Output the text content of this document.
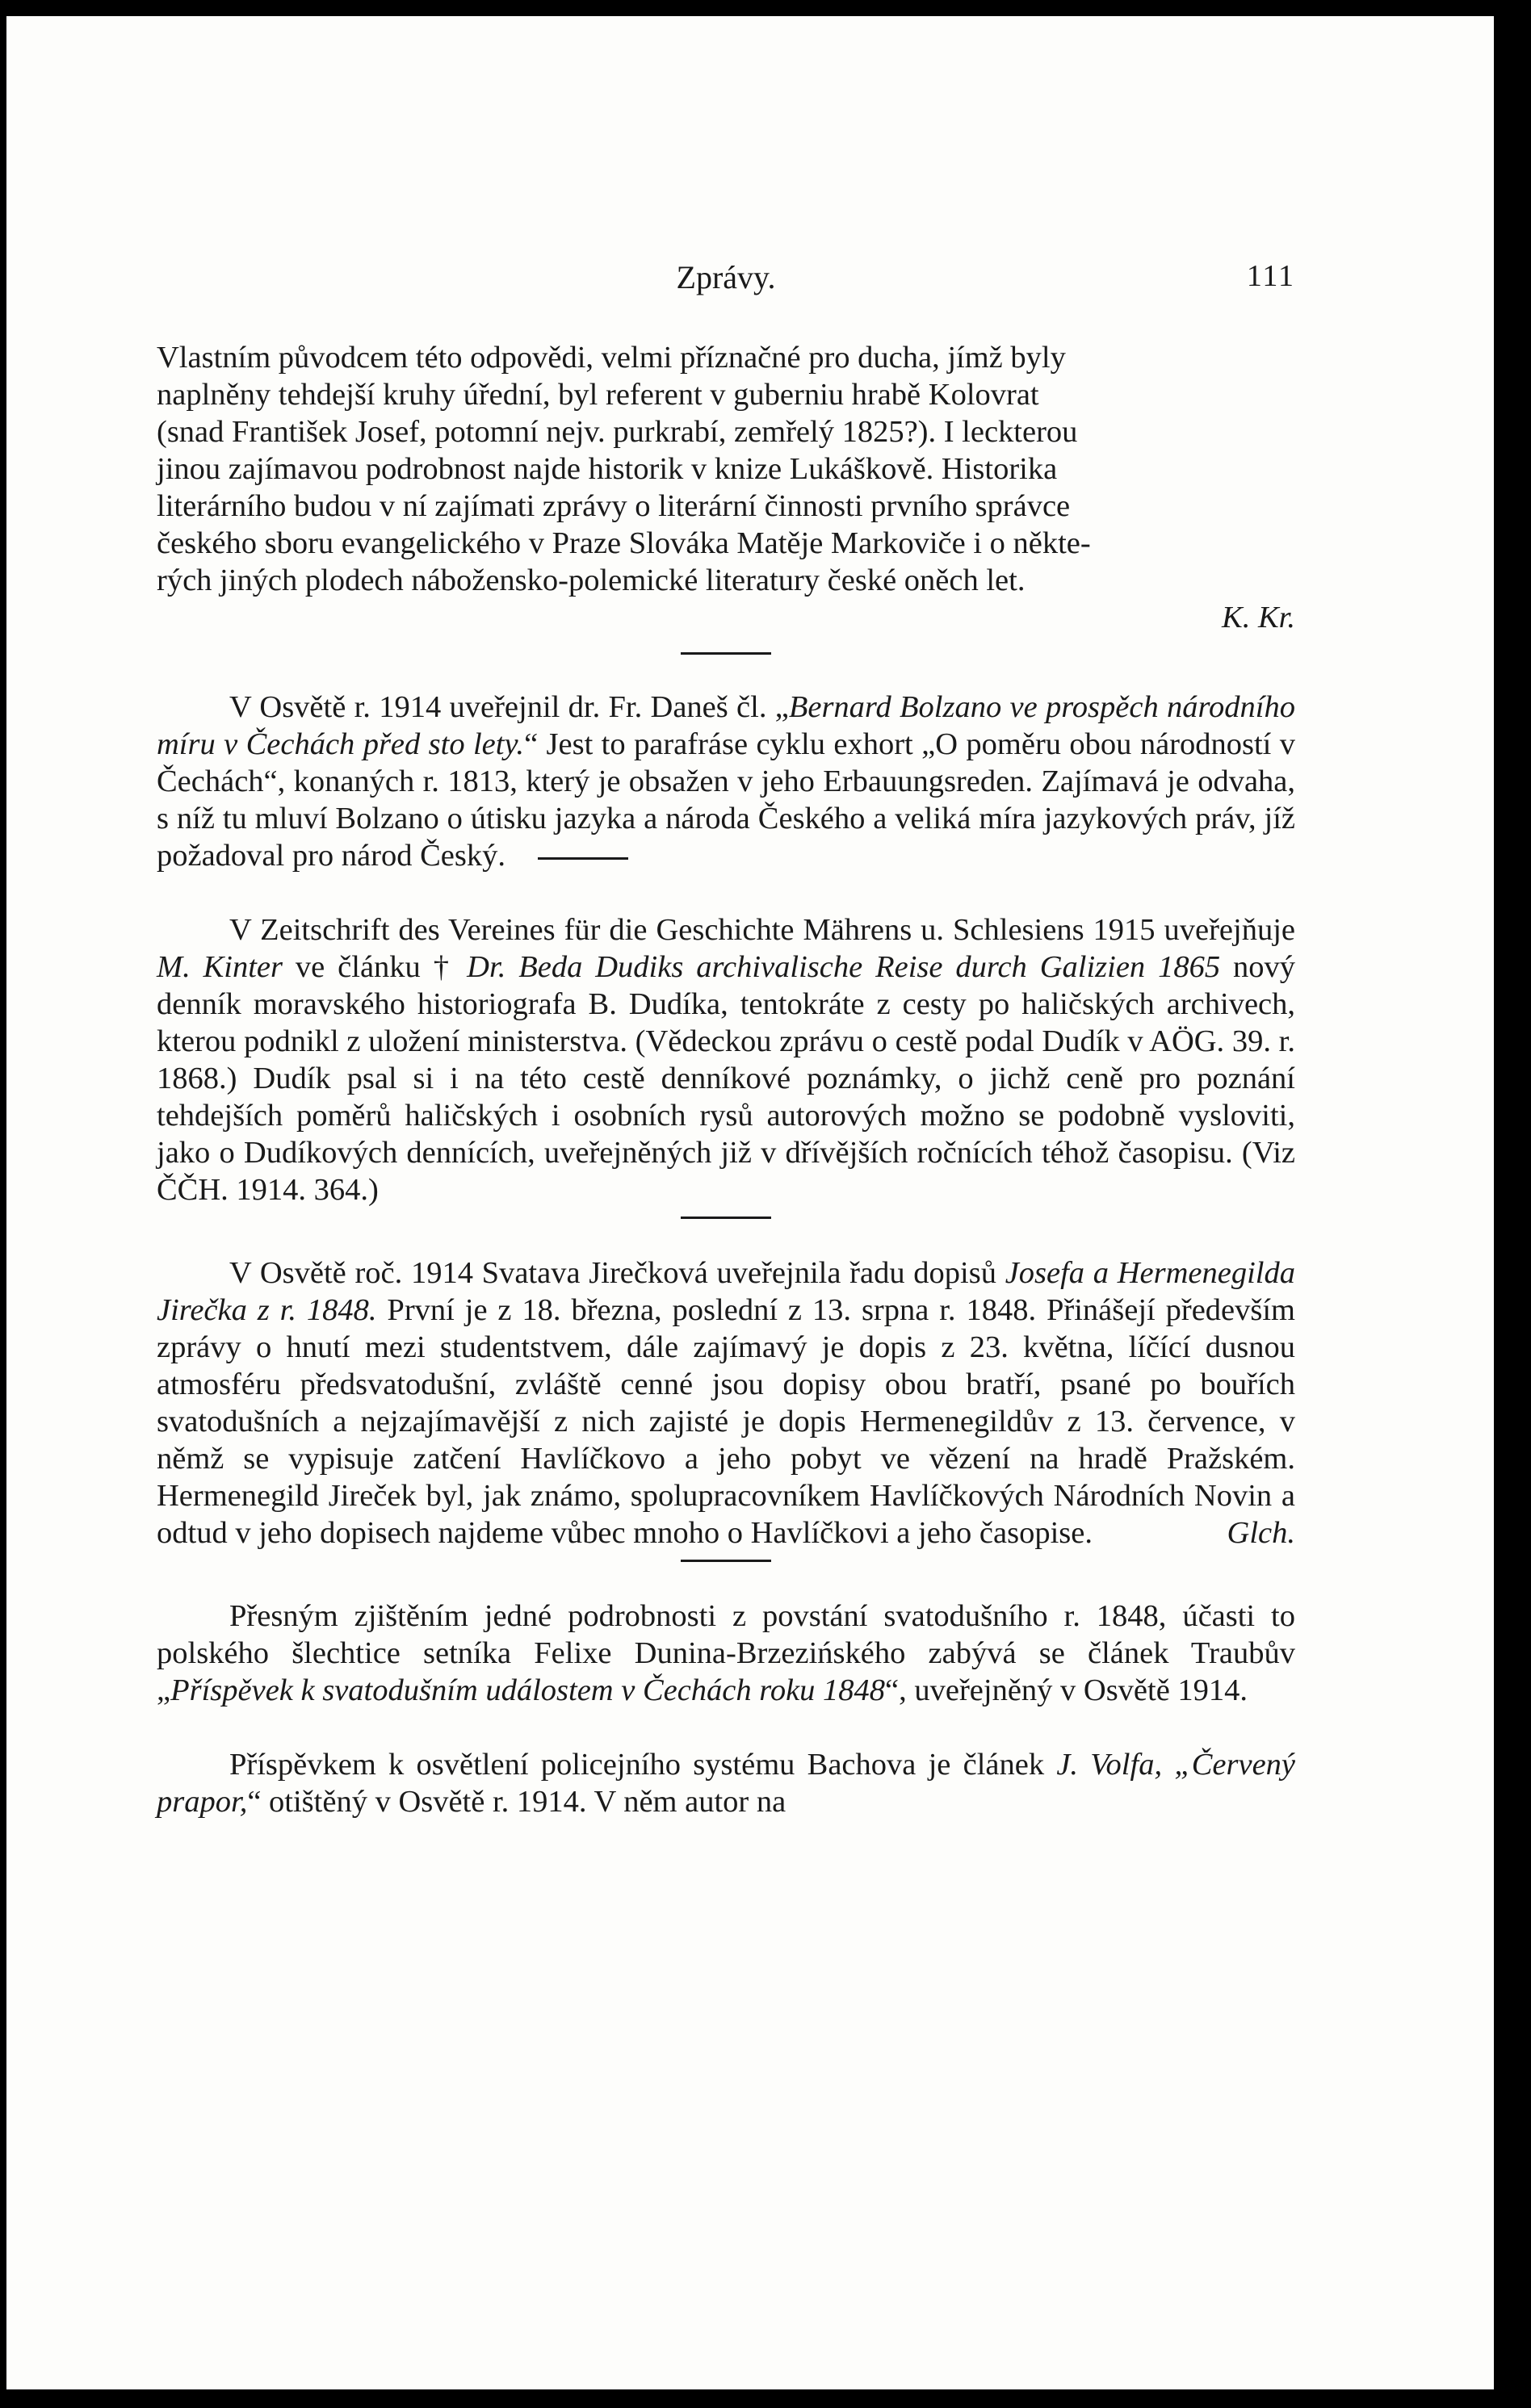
Zprávy.	111

Vlastním původcem této odpovědi, velmi příznačné pro ducha, jímž byly
naplněny tehdejší kruhy úřední, byl referent v guberniu hrabě Kolovrat
(snad František Josef, potomní nejv. purkrabí, zemřelý 1825?). I leckterou
jinou zajímavou podrobnost najde historik v knize Lukáškově. Historika
literárního budou v ní zajímati zprávy o literární činnosti prvního správce
českého sboru evangelického v Praze Slováka Matěje Markoviče i o někte-
rých jiných plodech nábožensko-polemické literatury české oněch let.

K. Kr.

V Osvětě r. 1914 uveřejnil dr. Fr. Daneš čl. „Bernard Bolzano ve prospěch národního míru v Čechách před sto lety.“ Jest to parafráse cyklu exhort „O poměru obou národností v Čechách“, konaných r. 1813, který je obsažen v jeho Erbauungsreden. Zajímavá je odvaha, s níž tu mluví Bolzano o útisku jazyka a národa Českého a veliká míra jazykových práv, jíž požadoval pro národ Český.

V Zeitschrift des Vereines für die Geschichte Mährens u. Schlesiens 1915 uveřejňuje M. Kinter ve článku † Dr. Beda Dudiks archivalische Reise durch Galizien 1865 nový denník moravského historiografa B. Dudíka, tentokráte z cesty po haličských archivech, kterou podnikl z uložení ministerstva. (Vědeckou zprávu o cestě podal Dudík v AÖG. 39. r. 1868.) Dudík psal si i na této cestě denníkové poznámky, o jichž ceně pro poznání tehdejších poměrů haličských i osobních rysů autorových možno se podobně vysloviti, jako o Dudíkových dennících, uveřejněných již v dřívějších ročnících téhož časopisu. (Viz ČČH. 1914. 364.)

V Osvětě roč. 1914 Svatava Jirečková uveřejnila řadu dopisů Josefa a Hermenegilda Jirečka z r. 1848. První je z 18. března, poslední z 13. srpna r. 1848. Přinášejí především zprávy o hnutí mezi studentstvem, dále zajímavý je dopis z 23. května, líčící dusnou atmosféru předsvatodušní, zvláště cenné jsou dopisy obou bratří, psané po bouřích svatodušních a nejzajímavější z nich zajisté je dopis Hermenegildův z 13. července, v němž se vypisuje zatčení Havlíčkovo a jeho pobyt ve vězení na hradě Pražském. Hermenegild Jireček byl, jak známo, spolupracovníkem Havlíčkových Národních Novin a odtud v jeho dopisech najdeme vůbec mnoho o Havlíčkovi a jeho časopise.	Glch.

Přesným zjištěním jedné podrobnosti z povstání svatodušního r. 1848, účasti to polského šlechtice setníka Felixe Dunina-Brzezińského zabývá se článek Traubův „Příspěvek k svatodušním událostem v Čechách roku 1848“, uveřejněný v Osvětě 1914.

Příspěvkem k osvětlení policejního systému Bachova je článek J. Volfa, „Červený prapor,“ otištěný v Osvětě r. 1914. V něm autor na
